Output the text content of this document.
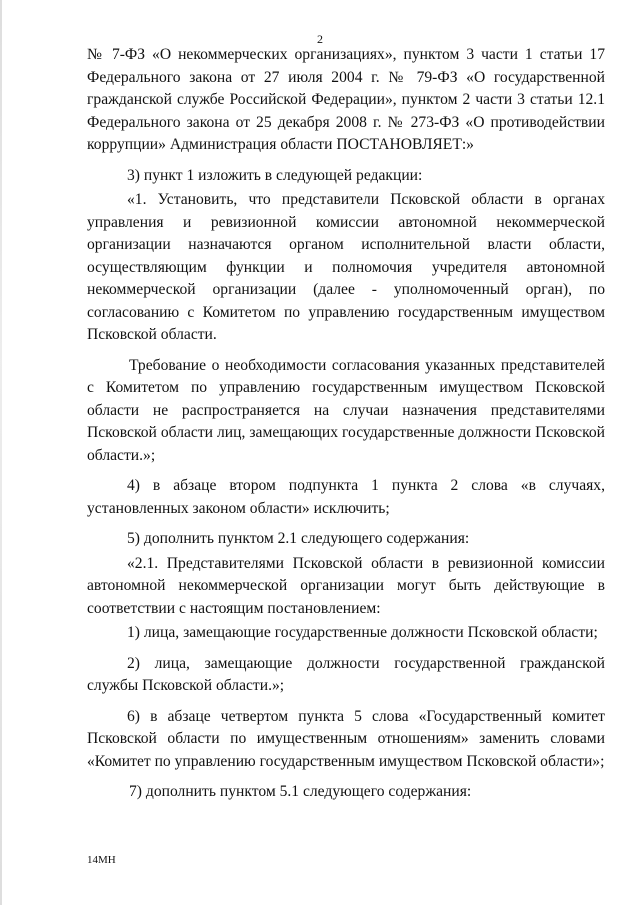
2

№ 7-ФЗ «О некоммерческих организациях», пунктом 3 части 1 статьи 17 Федерального закона от 27 июля 2004 г. № 79-ФЗ «О государственной гражданской службе Российской Федерации», пунктом 2 части 3 статьи 12.1 Федерального закона от 25 декабря 2008 г. № 273-ФЗ «О противодействии коррупции» Администрация области ПОСТАНОВЛЯЕТ:»

3) пункт 1 изложить в следующей редакции:

«1. Установить, что представители Псковской области в органах управления и ревизионной комиссии автономной некоммерческой организации назначаются органом исполнительной власти области, осуществляющим функции и полномочия учредителя автономной некоммерческой организации (далее - уполномоченный орган), по согласованию с Комитетом по управлению государственным имуществом Псковской области.

Требование о необходимости согласования указанных представителей с Комитетом по управлению государственным имуществом Псковской области не распространяется на случаи назначения представителями Псковской области лиц, замещающих государственные должности Псковской области.»;

4) в абзаце втором подпункта 1 пункта 2 слова «в случаях, установленных законом области» исключить;

5) дополнить пунктом 2.1 следующего содержания:

«2.1. Представителями Псковской области в ревизионной комиссии автономной некоммерческой организации могут быть действующие в соответствии с настоящим постановлением:

1) лица, замещающие государственные должности Псковской области;

2) лица, замещающие должности государственной гражданской службы Псковской области.»;

6) в абзаце четвертом пункта 5 слова «Государственный комитет Псковской области по имущественным отношениям» заменить словами «Комитет по управлению государственным имуществом Псковской области»;

7) дополнить пунктом 5.1 следующего содержания:

14МН
